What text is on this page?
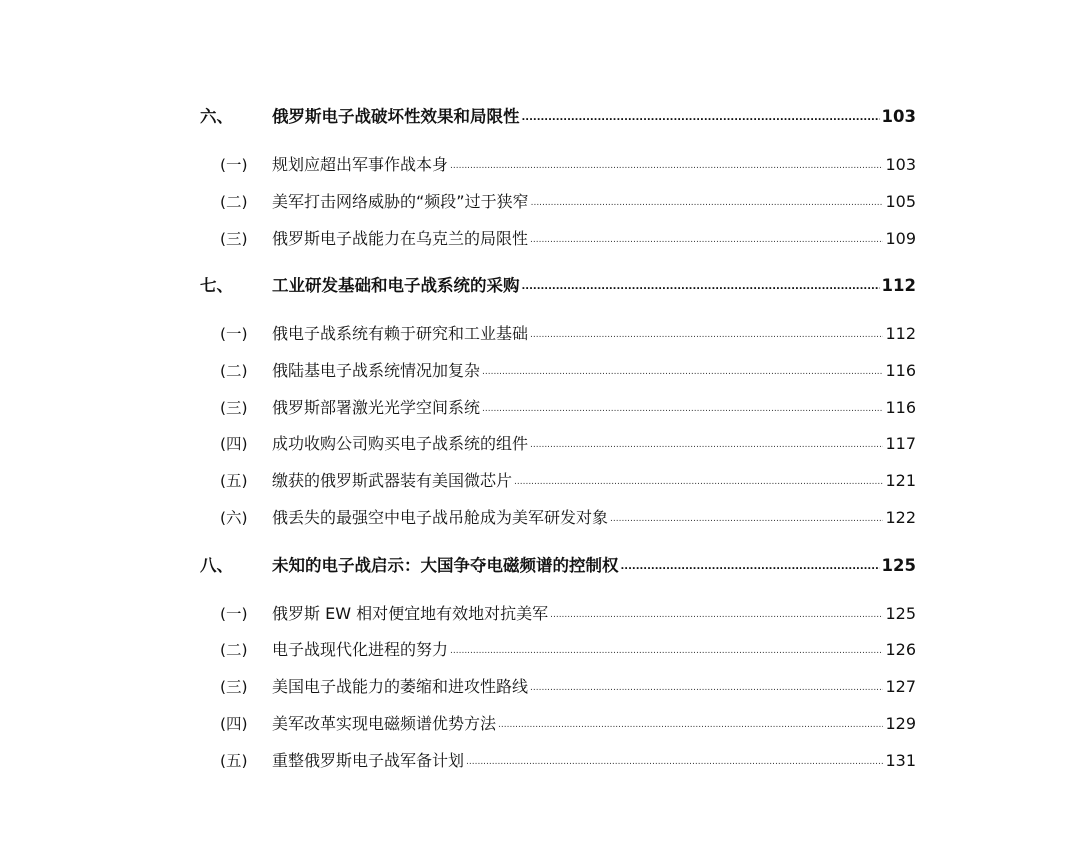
六、	俄罗斯电子战破坏性效果和局限性 .....	103
(一)	规划应超出军事作战本身 .....	103
(二)	美军打击网络威胁的“频段”过于狭窄 .....	105
(三)	俄罗斯电子战能力在乌克兰的局限性 .....	109
七、	工业研发基础和电子战系统的采购 .....	112
(一)	俄电子战系统有赖于研究和工业基础 .....	112
(二)	俄陆基电子战系统情况加复杂 .....	116
(三)	俄罗斯部署激光光学空间系统 .....	116
(四)	成功收购公司购买电子战系统的组件 .....	117
(五)	缴获的俄罗斯武器装有美国微芯片 .....	121
(六)	俄丢失的最强空中电子战吊舱成为美军研发对象 .....	122
八、	未知的电子战启示：大国争夺电磁频谱的控制权 .....	125
(一)	俄罗斯 EW 相对便宜地有效地对抗美军 .....	125
(二)	电子战现代化进程的努力 .....	126
(三)	美国电子战能力的萎缩和进攻性路线 .....	127
(四)	美军改革实现电磁频谱优势方法 .....	129
(五)	重整俄罗斯电子战军备计划 .....	131
